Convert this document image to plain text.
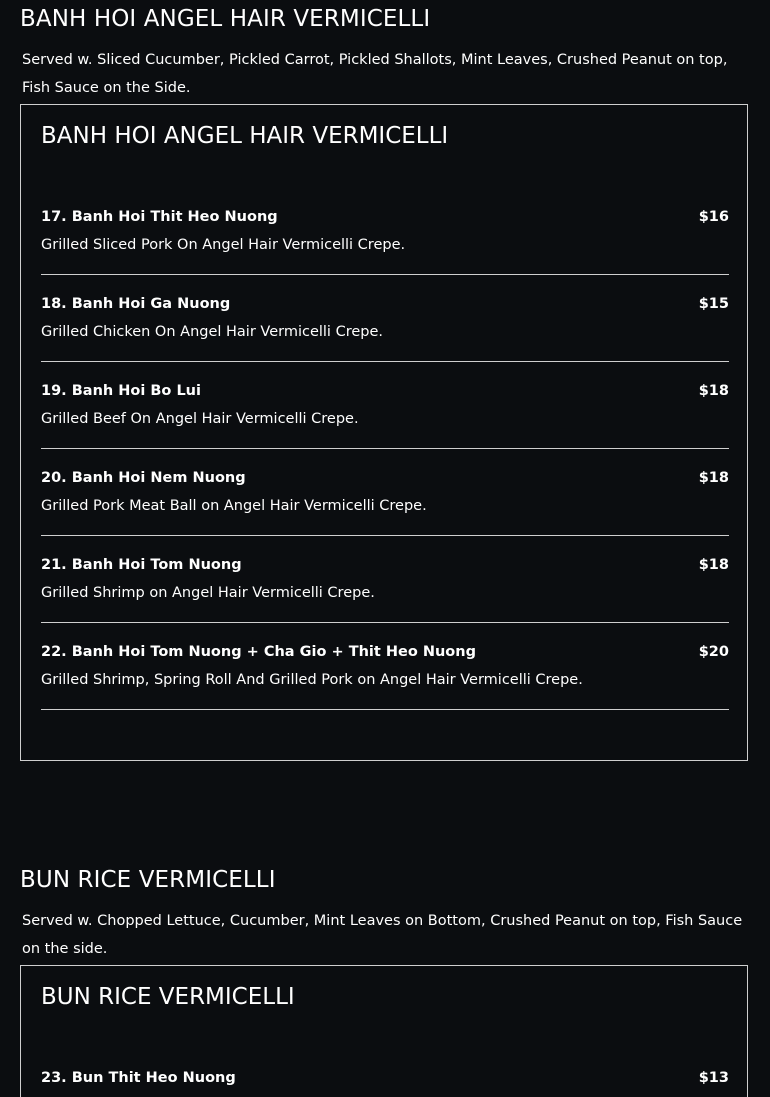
BANH HOI ANGEL HAIR VERMICELLI

Served w. Sliced Cucumber, Pickled Carrot, Pickled Shallots, Mint Leaves, Crushed Peanut on top, Fish Sauce on the Side.

BANH HOI ANGEL HAIR VERMICELLI
17. Banh Hoi Thit Heo Nuong	$16
Grilled Sliced Pork On Angel Hair Vermicelli Crepe.
18. Banh Hoi Ga Nuong	$15
Grilled Chicken On Angel Hair Vermicelli Crepe.
19. Banh Hoi Bo Lui	$18
Grilled Beef On Angel Hair Vermicelli Crepe.
20. Banh Hoi Nem Nuong	$18
Grilled Pork Meat Ball on Angel Hair Vermicelli Crepe.
21. Banh Hoi Tom Nuong	$18
Grilled Shrimp on Angel Hair Vermicelli Crepe.
22. Banh Hoi Tom Nuong + Cha Gio + Thit Heo Nuong	$20
Grilled Shrimp, Spring Roll And Grilled Pork on Angel Hair Vermicelli Crepe.
BUN RICE VERMICELLI

Served w. Chopped Lettuce, Cucumber, Mint Leaves on Bottom, Crushed Peanut on top, Fish Sauce on the side.

BUN RICE VERMICELLI
23. Bun Thit Heo Nuong	$13
